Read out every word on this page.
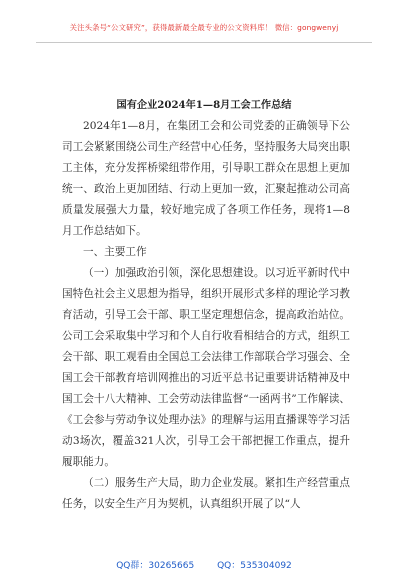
关注头条号“公文研究”，获得最新最全最专业的公文资料库！ 微信：gongwenyj
国有企业2024年1—8月工会工作总结

2024年1—8月，在集团工会和公司党委的正确领导下公司工会紧紧围绕公司生产经营中心任务，坚持服务大局突出职工主体，充分发挥桥梁纽带作用，引导职工群众在思想上更加统一、政治上更加团结、行动上更加一致，汇聚起推动公司高质量发展强大力量，较好地完成了各项工作任务，现将1—8月工作总结如下。

一、主要工作

（一）加强政治引领，深化思想建设。以习近平新时代中国特色社会主义思想为指导，组织开展形式多样的理论学习教育活动，引导工会干部、职工坚定理想信念，提高政治站位。公司工会采取集中学习和个人自行收看相结合的方式，组织工会干部、职工观看由全国总工会法律工作部联合学习强会、全国工会干部教育培训网推出的习近平总书记重要讲话精神及中国工会十八大精神、工会劳动法律监督“一函两书”工作解读、《工会参与劳动争议处理办法》的理解与运用直播课等学习活动3场次，覆盖321人次，引导工会干部把握工作重点，提升履职能力。

（二）服务生产大局，助力企业发展。紧扣生产经营重点任务，以安全生产月为契机，认真组织开展了以“人

QQ群：30265665	QQ：535304092
